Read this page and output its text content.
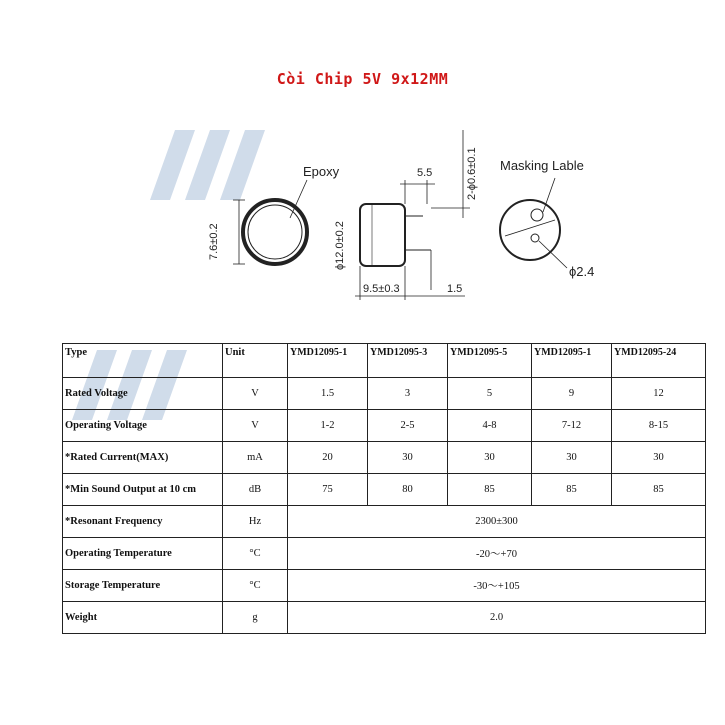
Còi Chip 5V 9x12MM
7.6±0.2
Epoxy
ϕ12.0±0.2
5.5	2-ϕ0.6±0.1
9.5±0.3	1.5
Masking Lable
ϕ2.4
Type	Unit	YMD12095-1	YMD12095-3	YMD12095-5	YMD12095-1	YMD12095-24
Rated Voltage	V	1.5	3	5	9	12
Operating Voltage	V	1-2	2-5	4-8	7-12	8-15
*Rated Current(MAX)	mA	20	30	30	30	30
*Min Sound Output at 10 cm	dB	75	80	85	85	85
*Resonant Frequency	Hz	2300±300				
Operating Temperature	°C	-20～+70				
Storage Temperature	°C	-30～+105				
Weight	g	2.0				
